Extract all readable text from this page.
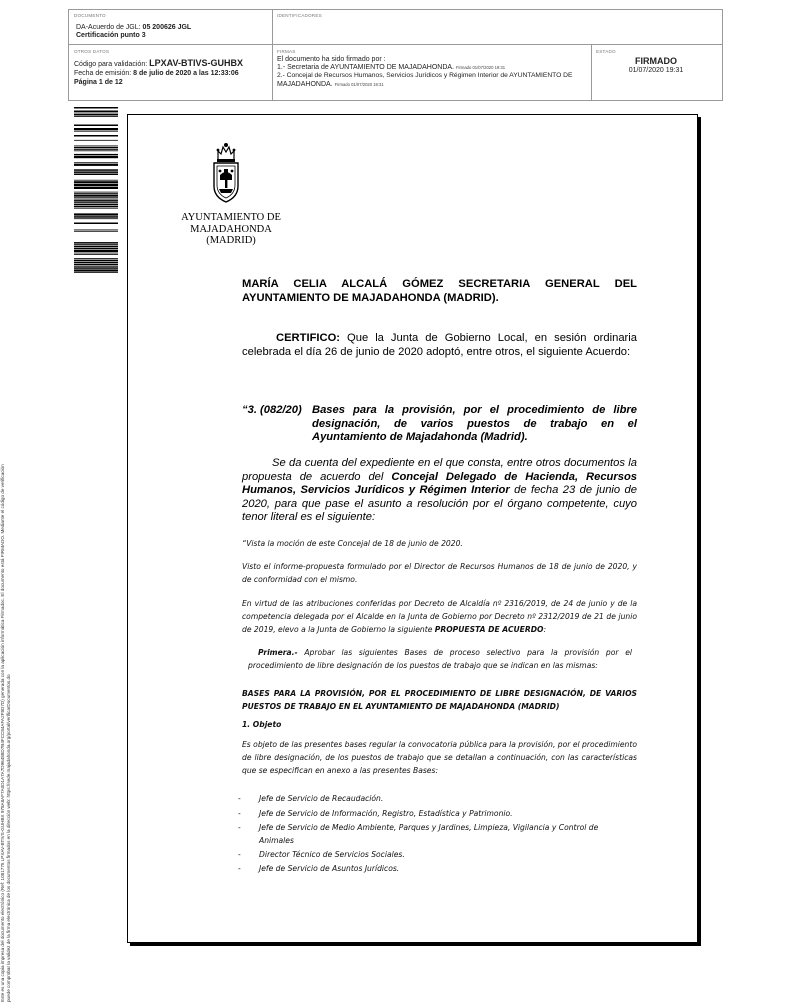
DOCUMENTO
DA-Acuerdo de JGL: 05 200626 JGL
Certificación punto 3
IDENTIFICADORES
OTROS DATOS
Código para validación: LPXAV-BTIVS-GUHBX
Fecha de emisión: 8 de julio de 2020 a las 12:33:06
Página 1 de 12
FIRMAS
El documento ha sido firmado por :
1.- Secretaria de AYUNTAMIENTO DE MAJADAHONDA. Firmado 01/07/2020 19:31
2.- Concejal de Recursos Humanos, Servicios Jurídicos y Régimen Interior de AYUNTAMIENTO DE
MAJADAHONDA. Firmado 01/07/2020 19:31
ESTADO
FIRMADO
01/07/2020 19:31
Este es una copia impresa del documento electrónico (Ref: 1081775 LPXAV-BTIVS-GUHBX 978A8AF7A0D1A7A7D96488D7B4FCC84AFA2F8D7D) generada con la aplicación informática Firmadoc. El documento está FIRMADO. Mediante el código de verificación puede comprobar la validez de la firma electrónica de los documentos firmados en la dirección web: https://sede.majadahonda.org/portal/verificarDocumentos.do
AYUNTAMIENTO DE
MAJADAHONDA
(MADRID)
MARÍA CELIA ALCALÁ GÓMEZ SECRETARIA GENERAL DEL AYUNTAMIENTO DE MAJADAHONDA (MADRID).
CERTIFICO: Que la Junta de Gobierno Local, en sesión ordinaria celebrada el día 26 de junio de 2020 adoptó, entre otros, el siguiente Acuerdo:
“3. (082/20) Bases para la provisión, por el procedimiento de libre designación, de varios puestos de trabajo en el Ayuntamiento de Majadahonda (Madrid).
Se da cuenta del expediente en el que consta, entre otros documentos la propuesta de acuerdo del Concejal Delegado de Hacienda, Recursos Humanos, Servicios Jurídicos y Régimen Interior de fecha 23 de junio de 2020, para que pase el asunto a resolución por el órgano competente, cuyo tenor literal es el siguiente:
“Vista la moción de este Concejal de 18 de junio de 2020.
Visto el informe-propuesta formulado por el Director de Recursos Humanos de 18 de junio de 2020, y de conformidad con el mismo.
En virtud de las atribuciones conferidas por Decreto de Alcaldía nº 2316/2019, de 24 de junio y de la competencia delegada por el Alcalde en la Junta de Gobierno por Decreto nº 2312/2019 de 21 de junio de 2019, elevo a la Junta de Gobierno la siguiente PROPUESTA DE ACUERDO:
Primera.- Aprobar las siguientes Bases de proceso selectivo para la provisión por el procedimiento de libre designación de los puestos de trabajo que se indican en las mismas:
BASES PARA LA PROVISIÓN, POR EL PROCEDIMIENTO DE LIBRE DESIGNACIÓN, DE VARIOS PUESTOS DE TRABAJO EN EL AYUNTAMIENTO DE MAJADAHONDA (MADRID)
1. Objeto
Es objeto de las presentes bases regular la convocatoria pública para la provisión, por el procedimiento de libre designación, de los puestos de trabajo que se detallan a continuación, con las características que se especifican en anexo a las presentes Bases:
- Jefe de Servicio de Recaudación.
- Jefe de Servicio de Información, Registro, Estadística y Patrimonio.
- Jefe de Servicio de Medio Ambiente, Parques y Jardines, Limpieza, Vigilancia y Control de
Animales
- Director Técnico de Servicios Sociales.
- Jefe de Servicio de Asuntos Jurídicos.
